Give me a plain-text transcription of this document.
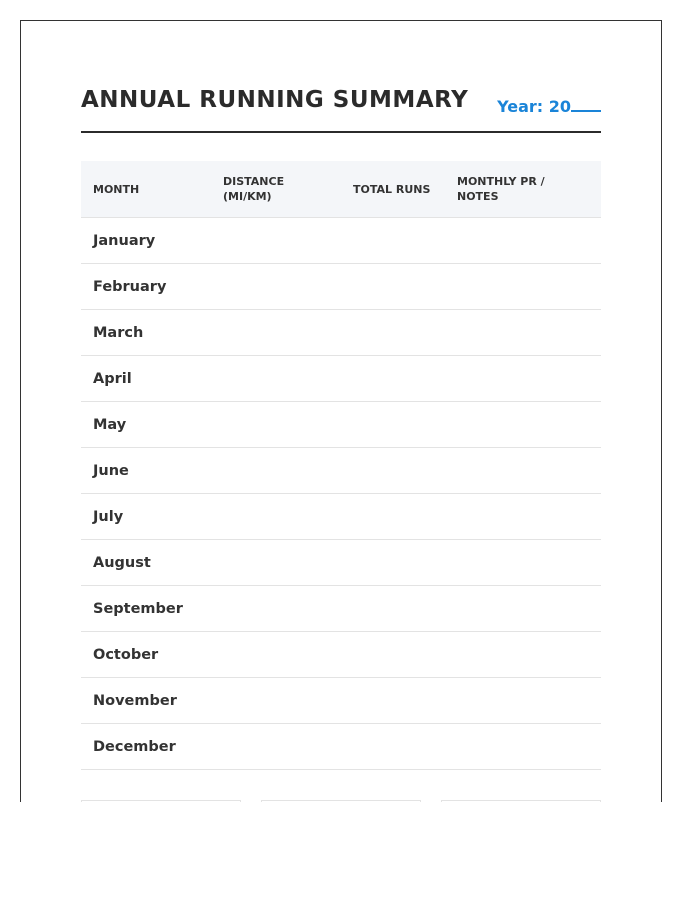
ANNUAL RUNNING SUMMARY Year: 20
MONTH	DISTANCE (MI/KM)	TOTAL RUNS	MONTHLY PR / NOTES
January			
February			
March			
April			
May			
June			
July			
August			
September			
October			
November			
December			
